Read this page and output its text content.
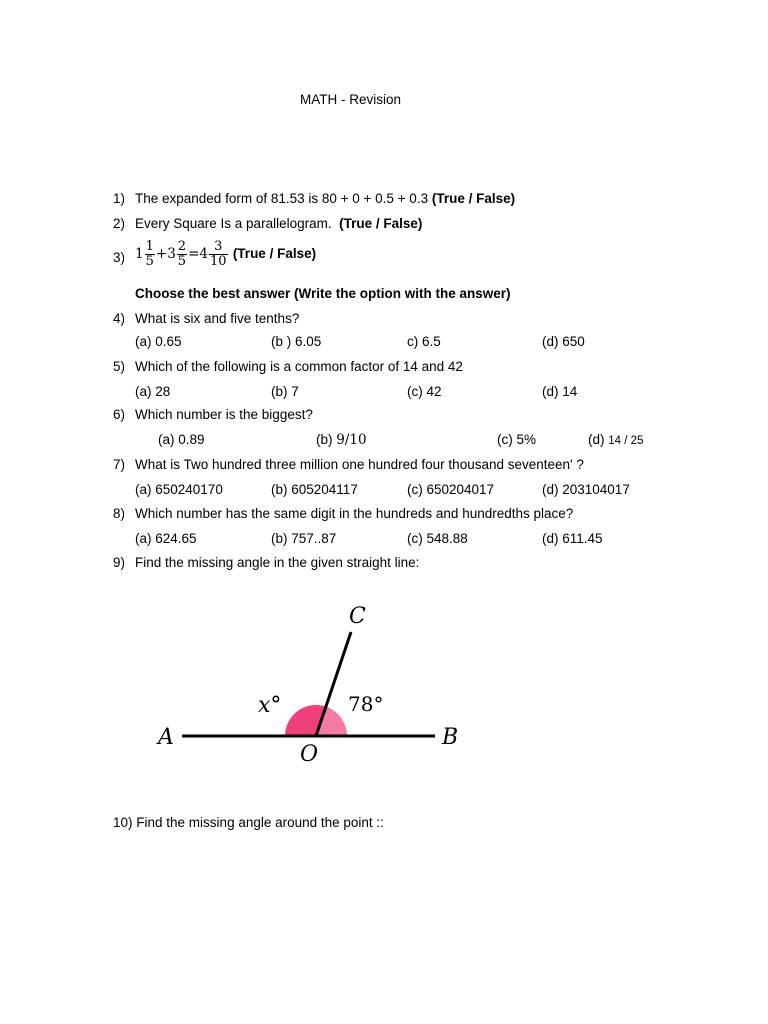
MATH - Revision
1) The expanded form of 81.53 is 80 + 0 + 0.5 + 0.3 (True / False)
2) Every Square Is a parallelogram. (True / False)
3) $1 \frac{1}{5} +3 \frac{2}{5} =4 \frac{3}{10}$ (True / False)
Choose the best answer (Write the option with the answer)
4) What is six and five tenths?
(a) 0.65	(b ) 6.05	c) 6.5	(d) 650
5) Which of the following is a common factor of 14 and 42
(a) 28	(b) 7	(c) 42	(d) 14
6) Which number is the biggest?
(a) 0.89	(b) 9/10	(c) 5%	(d) 14 / 25
7) What is Two hundred three million one hundred four thousand seventeen' ?
(a) 650240170	(b) 605204117	(c) 650204017	(d) 203104017
8) Which number has the same digit in the hundreds and hundredths place?
(a) 624.65	(b) 757..87	(c) 548.88	(d) 611.45
9) Find the missing angle in the given straight line:
A	B
C
O
x°	78°
10) Find the missing angle around the point ::
